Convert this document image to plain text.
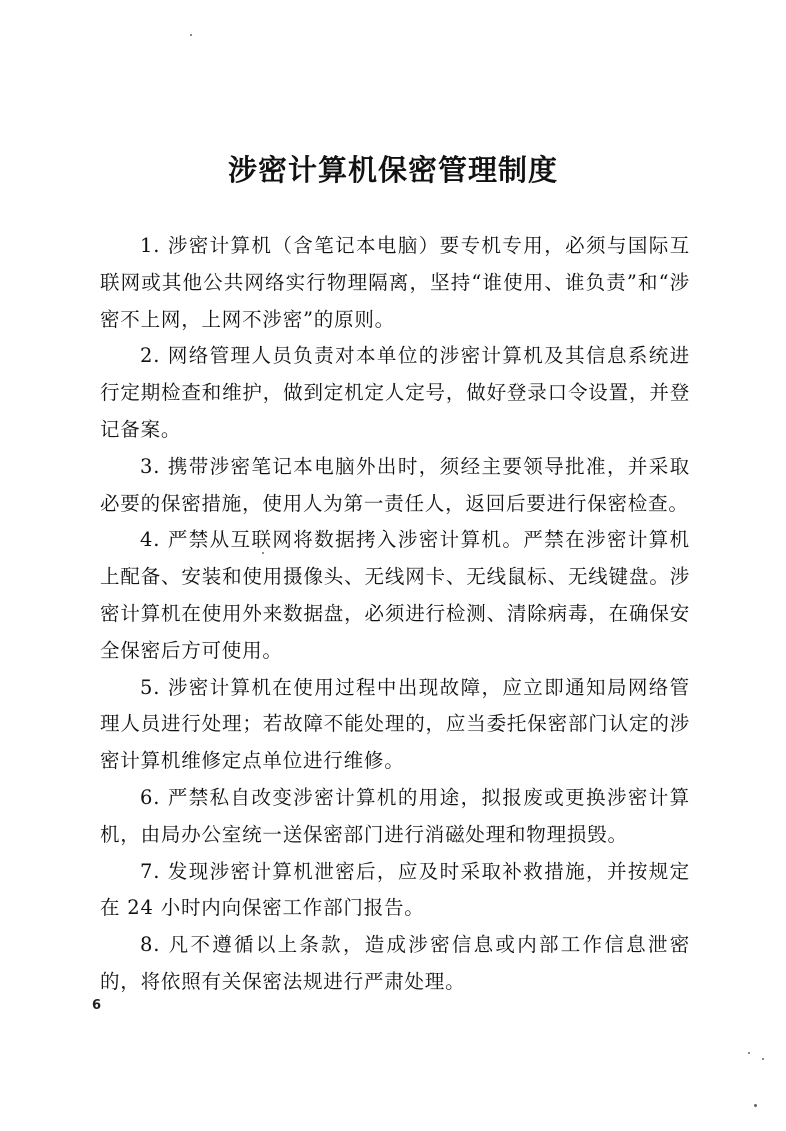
涉密计算机保密管理制度

1. 涉密计算机（含笔记本电脑）要专机专用，必须与国际互联网或其他公共网络实行物理隔离，坚持“谁使用、谁负责”和“涉密不上网，上网不涉密”的原则。

2. 网络管理人员负责对本单位的涉密计算机及其信息系统进行定期检查和维护，做到定机定人定号，做好登录口令设置，并登记备案。

3. 携带涉密笔记本电脑外出时，须经主要领导批准，并采取必要的保密措施，使用人为第一责任人，返回后要进行保密检查。

4. 严禁从互联网将数据拷入涉密计算机。严禁在涉密计算机上配备、安装和使用摄像头、无线网卡、无线鼠标、无线键盘。涉密计算机在使用外来数据盘，必须进行检测、清除病毒，在确保安全保密后方可使用。

5. 涉密计算机在使用过程中出现故障，应立即通知局网络管理人员进行处理；若故障不能处理的，应当委托保密部门认定的涉密计算机维修定点单位进行维修。

6. 严禁私自改变涉密计算机的用途，拟报废或更换涉密计算机，由局办公室统一送保密部门进行消磁处理和物理损毁。

7. 发现涉密计算机泄密后，应及时采取补救措施，并按规定在 24 小时内向保密工作部门报告。

8. 凡不遵循以上条款，造成涉密信息或内部工作信息泄密的，将依照有关保密法规进行严肃处理。

6
